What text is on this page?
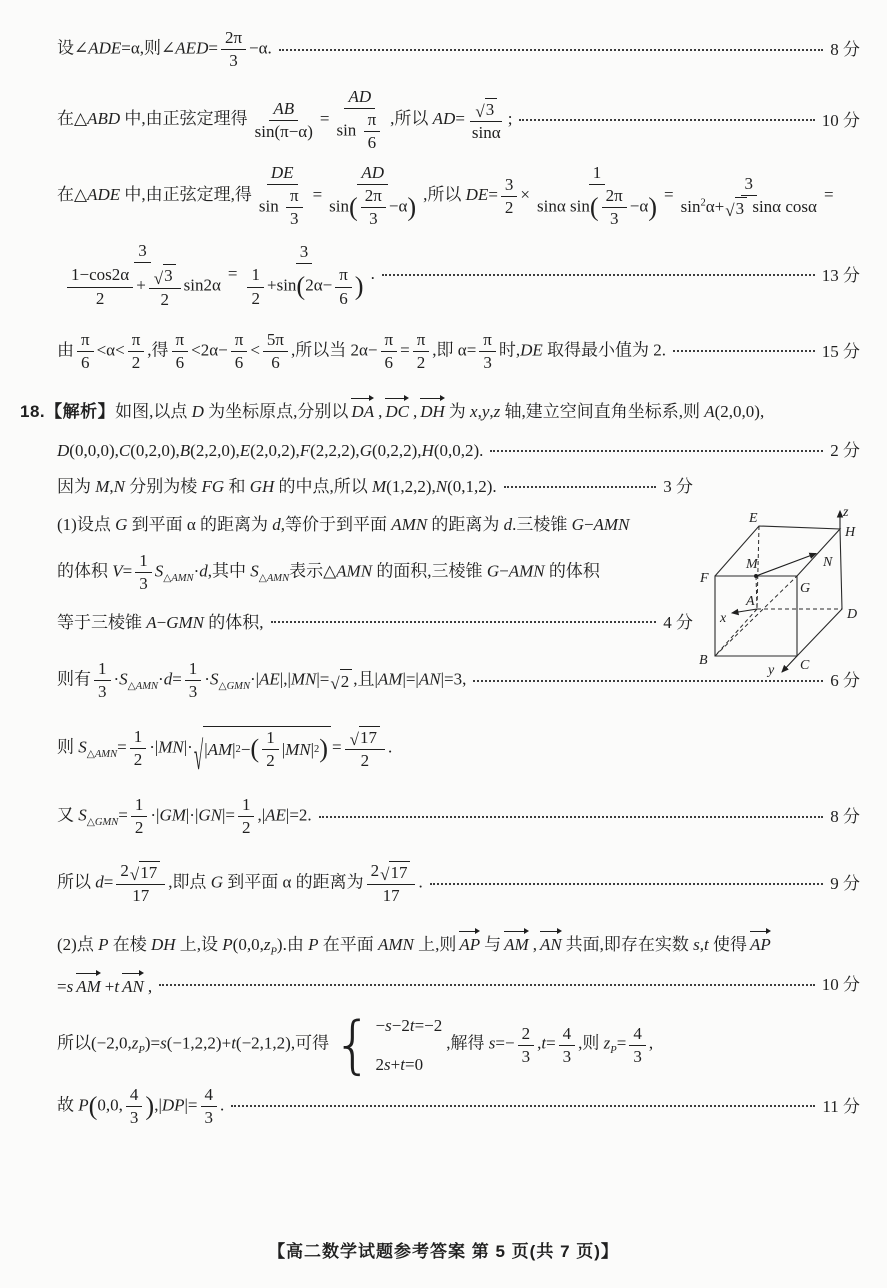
设∠ADE=α,则∠AED= $\frac{2\pi}{3} -\alpha$.	8 分
在△ABD 中,由正弦定理得 $\frac{AB}{\sin(\pi-\alpha)} = \frac{AD}{\sin \frac{\pi}{6}}$ ,所以 $AD= \frac{√ 3}{\sin\alpha}$ ;	10 分
在△ADE 中,由正弦定理,得 $\frac{DE}{\sin \frac{\pi}{3}} = \frac{AD}{\sin( \frac{2\pi}{3} -\alpha)}$ ,所以 $DE= \frac{3}{2} \times \frac{1}{\sin\alpha \sin( \frac{2\pi}{3} -\alpha)} = \frac{3}{\sin^2\alpha+ √ 3 \sin\alpha \cos\alpha}$ =
$\frac{3}{\frac{1-\cos 2\alpha}{2} + \frac{√ 3}{2} \sin 2\alpha} = \frac{3}{\frac{1}{2} +\sin(2\alpha- \frac{\pi}{6} )}$ .	13 分
由 $\frac{\pi}{6} <\alpha< \frac{\pi}{2}$ ,得 $\frac{\pi}{6} <2\alpha- \frac{\pi}{6} < \frac{5\pi}{6}$ ,所以当 $2\alpha- \frac{\pi}{6} = \frac{\pi}{2}$ ,即 $\alpha= \frac{\pi}{3}$ 时,DE 取得最小值为 2.	15 分
18.【解析】如图,以点 D 为坐标原点,分别以 DA , DC , DH 为 x,y,z 轴,建立空间直角坐标系,则 A(2,0,0),
D(0,0,0),C(0,2,0),B(2,2,0),E(2,0,2),F(2,2,2),G(0,2,2),H(0,0,2).	2 分
因为 M,N 分别为棱 FG 和 GH 的中点,所以 M(1,2,2),N(0,1,2).	3 分
(1)设点 G 到平面 α 的距离为 d,等价于到平面 AMN 的距离为 d.三棱锥 G−AMN
的体积 $V= \frac{1}{3} S_{\triangle AMN}\cdot d$,其中 $S_{\triangle AMN}$表示△AMN 的面积,三棱锥 G−AMN 的体积
等于三棱锥 A−GMN 的体积,	4 分
则有 $\frac{1}{3} \cdot S_{\triangle AMN}\cdot d= \frac{1}{3} \cdot S_{\triangle GMN}\cdot|AE|,|MN|=$ √ 2 ,且|AM|=|AN|=3,	6 分
则 $S_{\triangle AMN}= \frac{1}{2} \cdot|MN|\cdot$ √ |AM| 2 − ( $\frac{1}{2} |MN|$ 2 ) = $\frac{√ 17}{2}$ .
又 $S_{\triangle GMN}= \frac{1}{2} \cdot|GM|\cdot|GN|= \frac{1}{2} ,|AE|=2$.	8 分
所以 $d= \frac{2 √ 17}{17}$ ,即点 G 到平面 α 的距离为 $\frac{2 √ 17}{17}$ .	9 分
(2)点 P 在棱 DH 上,设 $P(0,0,z_P)$.由 P 在平面 AMN 上,则 AP 与 AM , AN 共面,即存在实数 s,t 使得 AP
=s AM +t AN ,	10 分
所以$(-2,0,z_P)=s(-1,2,2)+t(-2,1,2)$,可得 { −s−2t=−2
2s+t=0
,解得 $s=- \frac{2}{3} ,t= \frac{4}{3}$ ,则 $z_P= \frac{4}{3}$ ,
故 P(0,0, $\frac{4}{3} ),|DP|= \frac{4}{3}$ .	11 分
E
H
F
G
M	N
A
B	C
D
x
y
z
【高二数学试题参考答案 第 5 页(共 7 页)】
